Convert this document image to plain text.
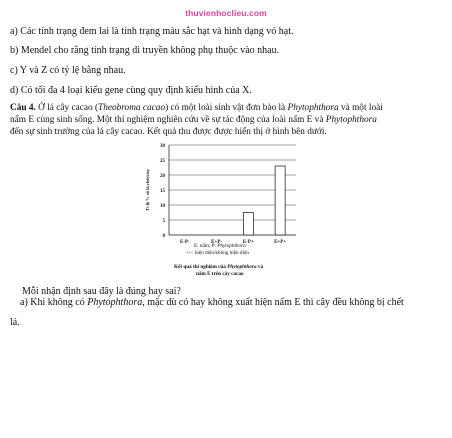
thuvienhoclieu.com
a) Các tính trạng đem lai là tính trạng màu sắc hạt và hình dạng vỏ hạt.
b) Mendel cho rằng tính trạng di truyền không phụ thuộc vào nhau.
c) Y và Z có tỷ lệ bằng nhau.
d) Có tối đa 4 loại kiểu gene cùng quy định kiểu hình của X.
Câu 4. Ở lá cây cacao (Theobroma cacao) có một loài sinh vật đơn bào là Phytophthora và một loài
nấm E cùng sinh sống. Một thí nghiệm nghiên cứu về sự tác động của loài nấm E và Phytophthora
đến sự sinh trưởng của lá cây cacao. Kết quả thu được được hiển thị ở hình bên dưới.
0
5
10
15
20
25
30
Tỉ lệ % số lá chết/cây
E-P-	E+P-	E-P+	E+P+
E: nấm; P: Phytophthora
+/-: hiện diện/không hiện diện
Kết quả thí nghiệm của Phytophthora và
nấm E trên cây cacao
Mỗi nhận định sau đây là đúng hay sai?
a) Khi không có Phytophthora, mặc dù có hay không xuất hiện nấm E thì cây đều không bị chết
lá.
